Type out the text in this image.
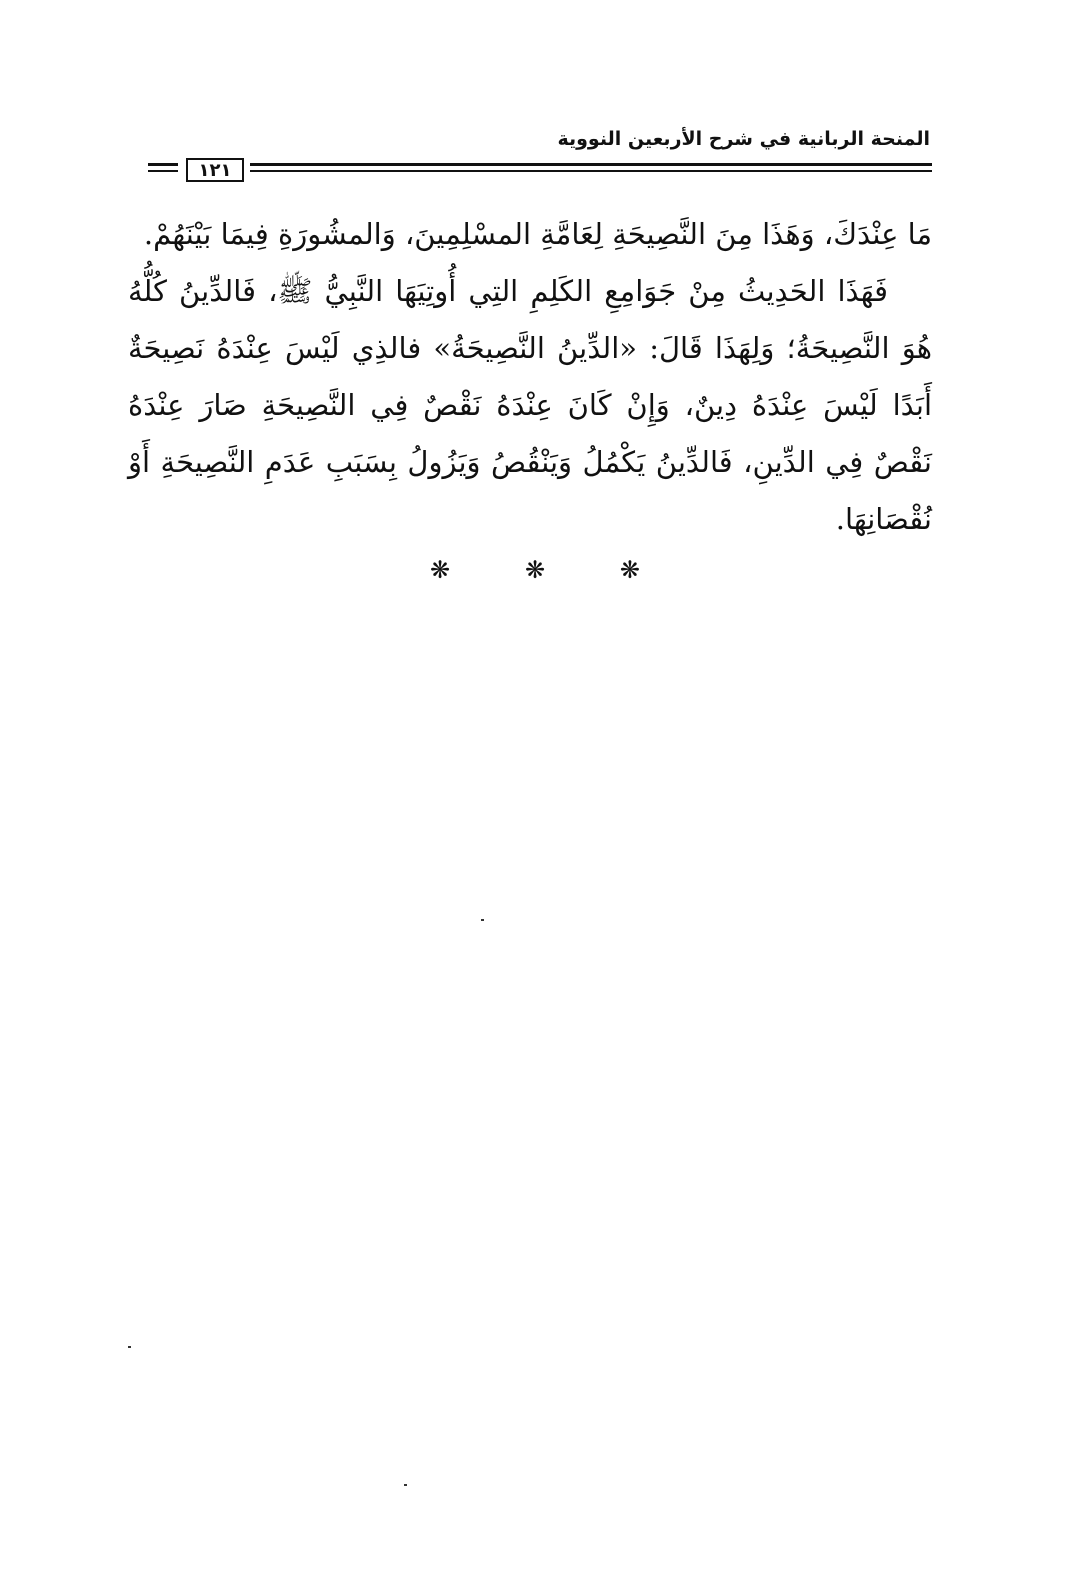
المنحة الربانية في شرح الأربعين النووية
١٢١

مَا عِنْدَكَ، وَهَذَا مِنَ النَّصِيحَةِ لِعَامَّةِ المسْلِمِينَ، وَالمشُورَةِ فِيمَا بَيْنَهُمْ.

فَهَذَا الحَدِيثُ مِنْ جَوَامِعِ الكَلِمِ التِي أُوتِيَهَا النَّبِيُّ ﷺ، فَالدِّينُ كُلُّهُ هُوَ النَّصِيحَةُ؛ وَلِهَذَا قَالَ: «الدِّينُ النَّصِيحَةُ» فالذِي لَيْسَ عِنْدَهُ نَصِيحَةٌ أَبَدًا لَيْسَ عِنْدَهُ دِينٌ، وَإِنْ كَانَ عِنْدَهُ نَقْصٌ فِي النَّصِيحَةِ صَارَ عِنْدَهُ نَقْصٌ فِي الدِّينِ، فَالدِّينُ يَكْمُلُ وَيَنْقُصُ وَيَزُولُ بِسَبَبِ عَدَمِ النَّصِيحَةِ أَوْ نُقْصَانِهَا.

❋	❋	❋
